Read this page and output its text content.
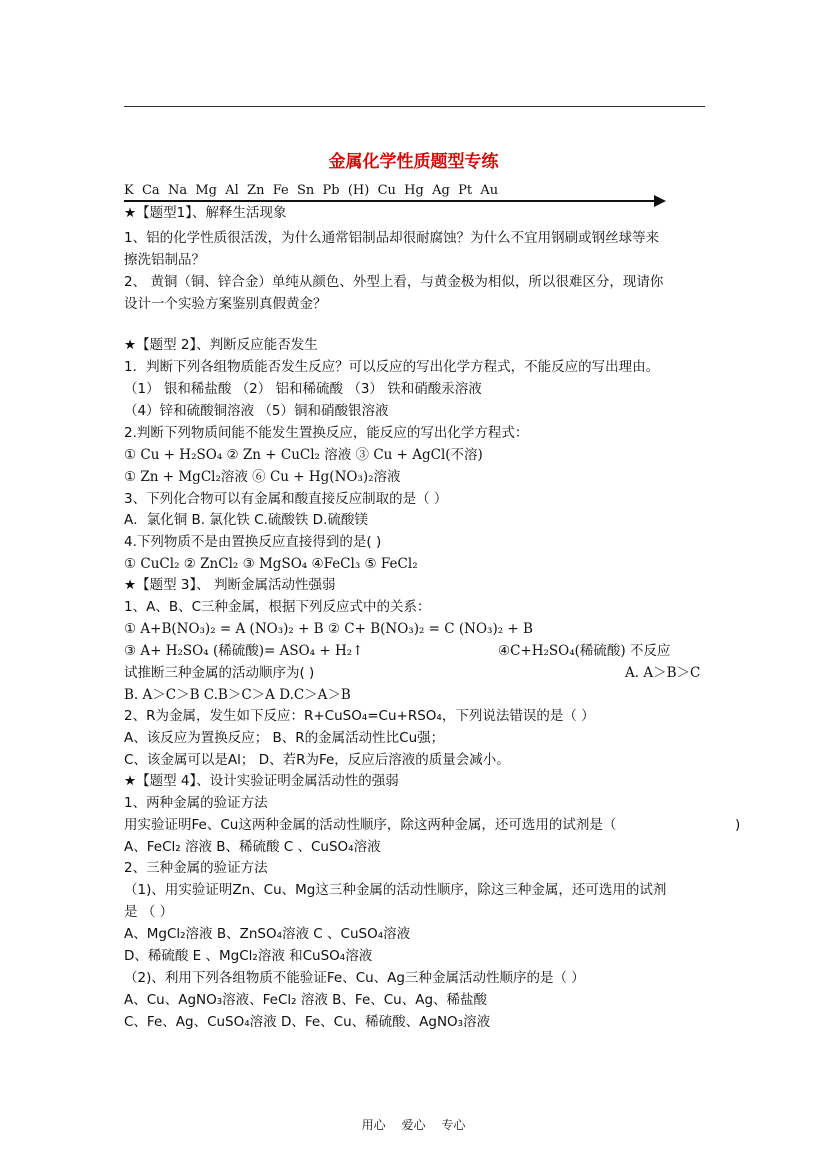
金属化学性质题型专练
K  Ca  Na  Mg  Al  Zn  Fe  Sn  Pb  (H)  Cu  Hg  Ag  Pt  Au
★【题型1】、解释生活现象
1、铝的化学性质很活泼，为什么通常铝制品却很耐腐蚀？为什么不宜用钢刷或钢丝球等来
擦洗铝制品？
2、 黄铜（铜、锌合金）单纯从颜色、外型上看，与黄金极为相似，所以很难区分，现请你
设计一个实验方案鉴别真假黄金？
★【题型 2】、判断反应能否发生
1．判断下列各组物质能否发生反应？可以反应的写出化学方程式，不能反应的写出理由。
（1） 银和稀盐酸 （2） 铝和稀硫酸 （3） 铁和硝酸汞溶液
（4）锌和硫酸铜溶液 （5）铜和硝酸银溶液
2.判断下列物质间能不能发生置换反应，能反应的写出化学方程式：
① Cu + H₂SO₄ ② Zn + CuCl₂ 溶液 ③ Cu + AgCl(不溶)
① Zn + MgCl₂溶液 ⑥ Cu + Hg(NO₃)₂溶液
3、下列化合物可以有金属和酸直接反应制取的是（ ）
A．氯化铜 B. 氯化铁 C.硫酸铁 D.硫酸镁
4.下列物质不是由置换反应直接得到的是( )
① CuCl₂ ② ZnCl₂ ③ MgSO₄ ④FeCl₃ ⑤ FeCl₂
★【题型 3】、 判断金属活动性强弱
1、A、B、C三种金属，根据下列反应式中的关系：
① A+B(NO₃)₂ = A (NO₃)₂ + B ② C+ B(NO₃)₂ = C (NO₃)₂ + B
③ A+ H₂SO₄ (稀硫酸)= ASO₄ + H₂↑	④C+H₂SO₄(稀硫酸) 不反应
试推断三种金属的活动顺序为( )	A. A＞B＞C
B. A＞C＞B C.B＞C＞A D.C＞A＞B
2、R为金属，发生如下反应：R+CuSO₄=Cu+RSO₄，下列说法错误的是（ ）
A、该反应为置换反应； B、R的金属活动性比Cu强；
C、该金属可以是Al； D、若R为Fe，反应后溶液的质量会减小。
★【题型 4】、设计实验证明金属活动性的强弱
1、两种金属的验证方法
用实验证明Fe、Cu这两种金属的活动性顺序，除这两种金属，还可选用的试剂是（	)
A、FeCl₂ 溶液 B、稀硫酸 C 、CuSO₄溶液
2、三种金属的验证方法
（1)、用实验证明Zn、Cu、Mg这三种金属的活动性顺序，除这三种金属，还可选用的试剂
是 （ ）
A、MgCl₂溶液 B、ZnSO₄溶液 C 、CuSO₄溶液
D、稀硫酸 E 、MgCl₂溶液 和CuSO₄溶液
（2)、利用下列各组物质不能验证Fe、Cu、Ag三种金属活动性顺序的是（ ）
A、Cu、AgNO₃溶液、FeCl₂ 溶液 B、Fe、Cu、Ag、稀盐酸
C、Fe、Ag、CuSO₄溶液 D、Fe、Cu、稀硫酸、AgNO₃溶液
用心 爱心 专心
